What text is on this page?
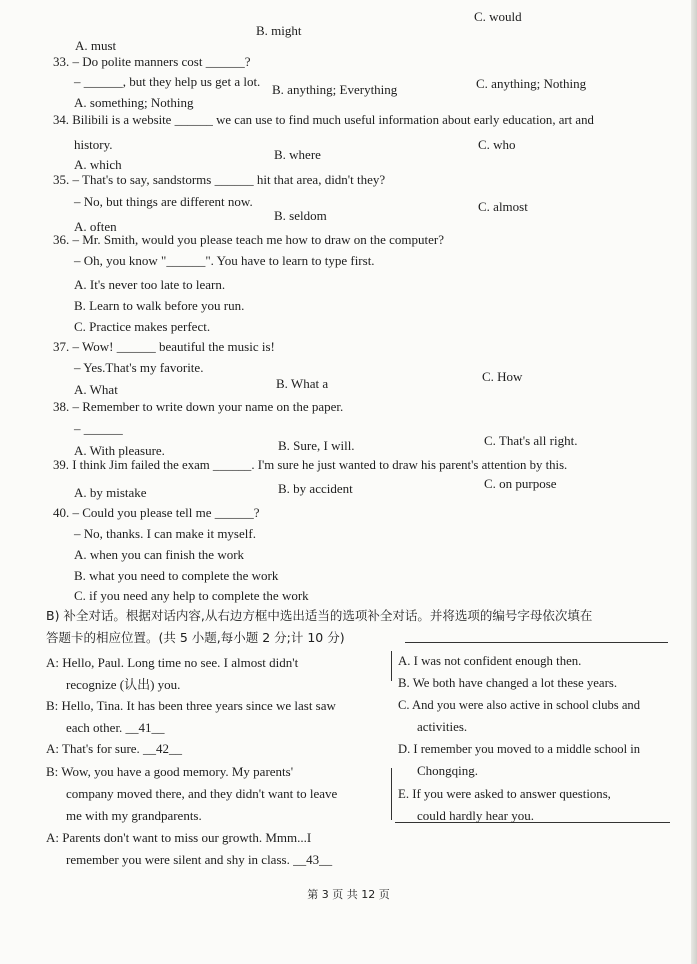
B. might
C. would
A. must
33. – Do polite manners cost ______?
– ______, but they help us get a lot.
A. something; Nothing
B. anything; Everything	C. anything; Nothing
34. Bilibili is a website ______ we can use to find much useful information about early education, art and
history.
A. which
B. where
C. who
35. – That's to say, sandstorms ______ hit that area, didn't they?
– No, but things are different now.
A. often
B. seldom
C. almost
36. – Mr. Smith, would you please teach me how to draw on the computer?
– Oh, you know "______". You have to learn to type first.
A. It's never too late to learn.
B. Learn to walk before you run.
C. Practice makes perfect.
37. – Wow! ______ beautiful the music is!
– Yes.That's my favorite.
A. What	B. What a	C. How
38. – Remember to write down your name on the paper.
– ______
A. With pleasure.	B. Sure, I will.	C. That's all right.
39. I think Jim failed the exam ______. I'm sure he just wanted to draw his parent's attention by this.
A. by mistake	B. by accident	C. on purpose
40. – Could you please tell me ______?
– No, thanks. I can make it myself.
A. when you can finish the work
B. what you need to complete the work
C. if you need any help to complete the work
B) 补全对话。根据对话内容,从右边方框中选出适当的选项补全对话。并将选项的编号字母依次填在
答题卡的相应位置。(共 5 小题,每小题 2 分;计 10 分)
A: Hello, Paul. Long time no see. I almost didn't
recognize (认出) you.
B: Hello, Tina. It has been three years since we last saw
each other. __41__
A: That's for sure. __42__
B: Wow, you have a good memory. My parents'
company moved there, and they didn't want to leave
me with my grandparents.
A: Parents don't want to miss our growth. Mmm...I
remember you were silent and shy in class. __43__
A. I was not confident enough then.
B. We both have changed a lot these years.
C. And you were also active in school clubs and
activities.
D. I remember you moved to a middle school in
Chongqing.
E. If you were asked to answer questions,
could hardly hear you.
第 3 页 共 12 页
